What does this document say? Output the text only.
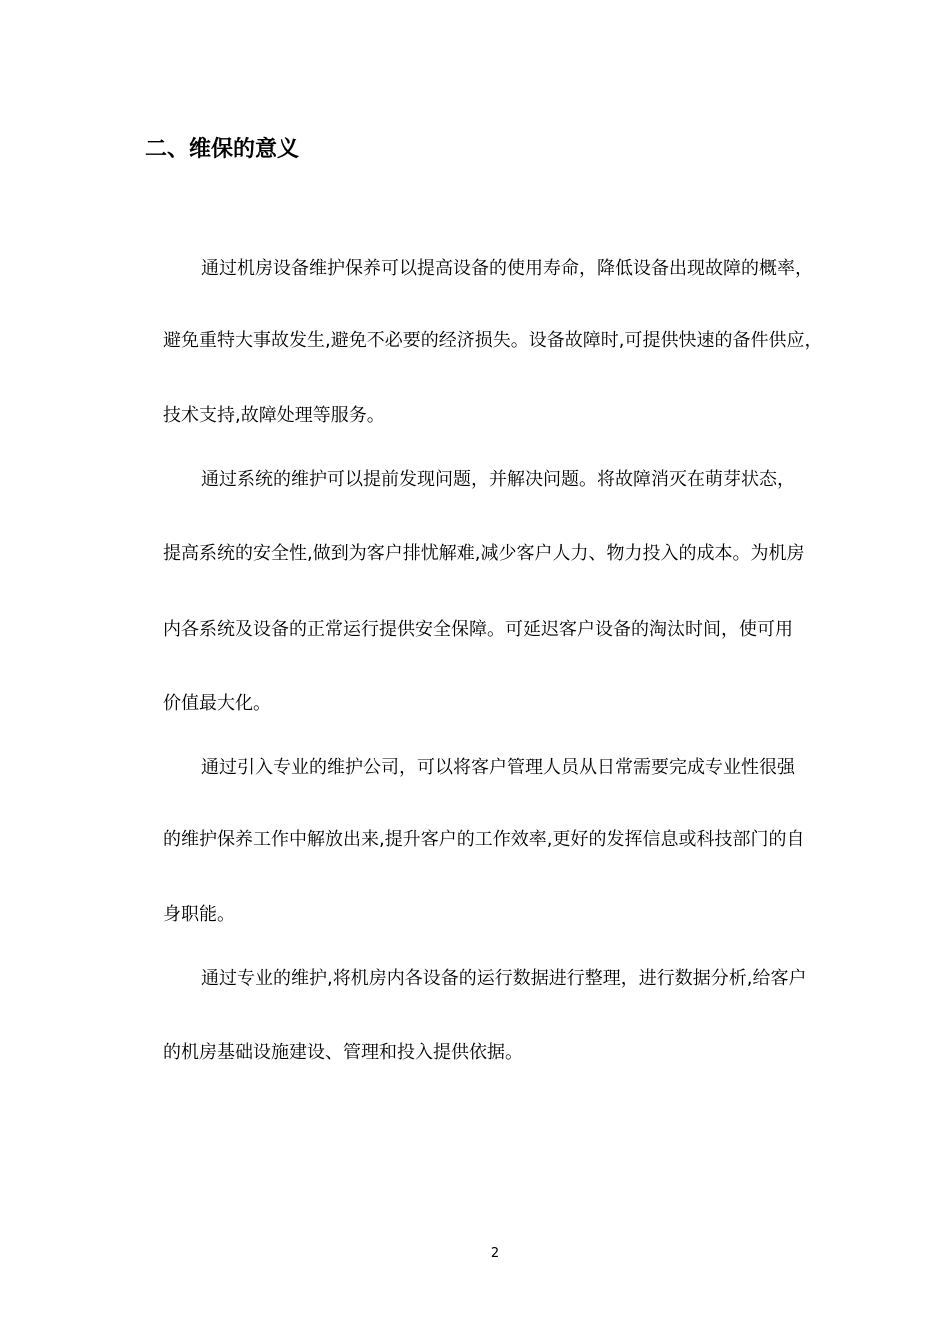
二、维保的意义

通过机房设备维护保养可以提高设备的使用寿命，降低设备出现故障的概率，

避免重特大事故发生,避免不必要的经济损失。设备故障时,可提供快速的备件供应，

技术支持,故障处理等服务。

通过系统的维护可以提前发现问题，并解决问题。将故障消灭在萌芽状态，

提高系统的安全性,做到为客户排忧解难,减少客户人力、物力投入的成本。为机房

内各系统及设备的正常运行提供安全保障。可延迟客户设备的淘汰时间，使可用

价值最大化。

通过引入专业的维护公司，可以将客户管理人员从日常需要完成专业性很强

的维护保养工作中解放出来,提升客户的工作效率,更好的发挥信息或科技部门的自

身职能。

通过专业的维护,将机房内各设备的运行数据进行整理，进行数据分析,给客户

的机房基础设施建设、管理和投入提供依据。

2
